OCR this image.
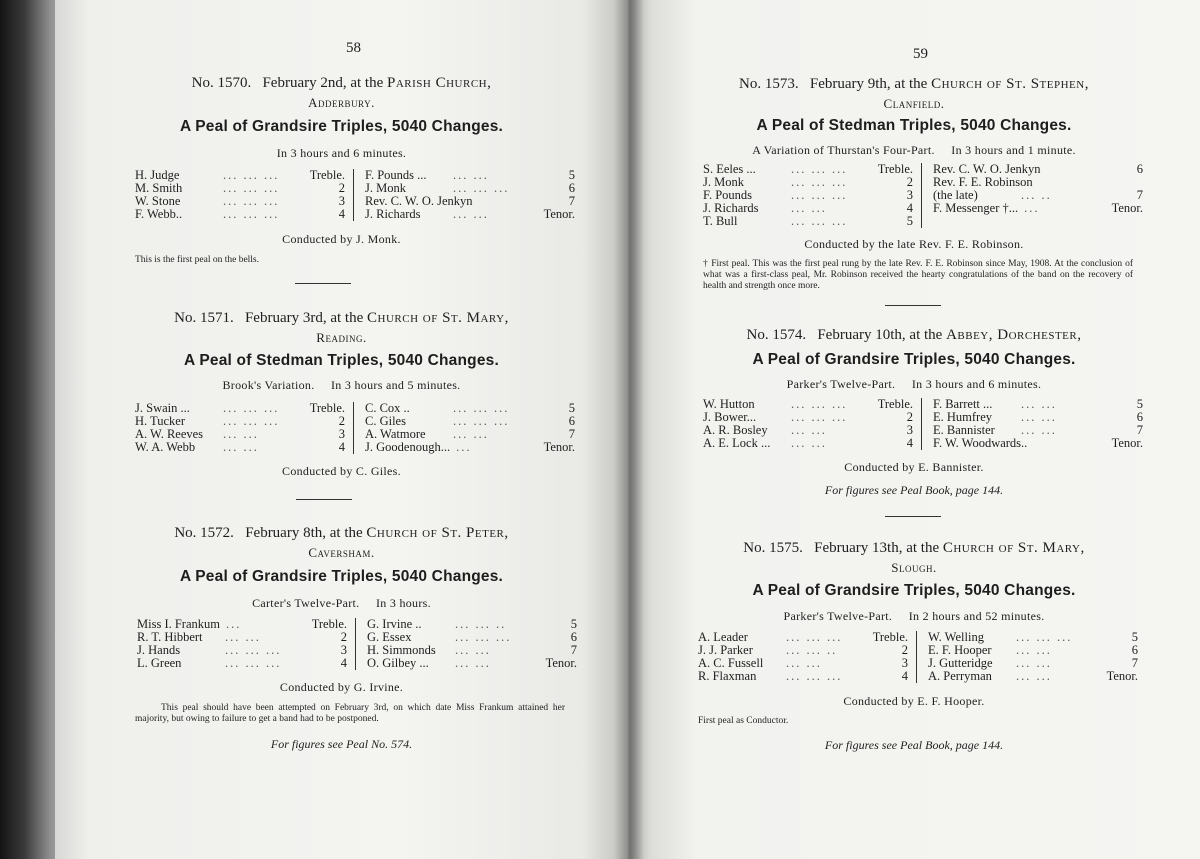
58
No. 1570. February 2nd, at the Parish Church,
Adderbury.
A Peal of Grandsire Triples, 5040 Changes.
In 3 hours and 6 minutes.
H. Judge	... ... ... Treble.
M. Smith	... ... ...	2
W. Stone	... ... ...	3
F. Webb..	... ... ...	4
F. Pounds ... ... ...	5
J. Monk	... ... ...	6
Rev. C. W. O. Jenkyn	7
J. Richards	... ...	Tenor.
Conducted by J. Monk.
This is the first peal on the bells.
No. 1571. February 3rd, at the Church of St. Mary,
Reading.
A Peal of Stedman Triples, 5040 Changes.
Brook's Variation.     In 3 hours and 5 minutes.
J. Swain ...	... ... ... Treble.
H. Tucker	... ... ...	2
A. W. Reeves ... ...	3
W. A. Webb ... ...	4
C. Cox ..	... ... ...	5
C. Giles	... ... ...	6
A. Watmore ... ...	7
J. Goodenough... ...	Tenor.
Conducted by C. Giles.
No. 1572. February 8th, at the Church of St. Peter,
Caversham.
A Peal of Grandsire Triples, 5040 Changes.
Carter's Twelve-Part.     In 3 hours.
Miss I. Frankum ...	Treble.
R. T. Hibbert ... ...	2
J. Hands	... ... ...	3
L. Green	... ... ...	4
G. Irvine ..	... ... ..	5
G. Essex	... ... ...	6
H. Simmonds ... ...	7
O. Gilbey ... ... ...	Tenor.
Conducted by G. Irvine.
This peal should have been attempted on February 3rd, on which date Miss Frankum attained her majority, but owing to failure to get a band had to be postponed.
For figures see Peal No. 574.
59
No. 1573. February 9th, at the Church of St. Stephen,
Clanfield.
A Peal of Stedman Triples, 5040 Changes.
A Variation of Thurstan's Four-Part.     In 3 hours and 1 minute.
S. Eeles ...	... ... ... Treble.
J. Monk	... ... ...	2
F. Pounds	... ... ...	3
J. Richards	... ...	4
T. Bull	... ... ...	5
Rev. C. W. O. Jenkyn	6
Rev. F. E. Robinson
(the late)	... ..	7
F. Messenger †... ...	Tenor.
Conducted by the late Rev. F. E. Robinson.
† First peal. This was the first peal rung by the late Rev. F. E. Robinson since May, 1908. At the conclusion of what was a first-class peal, Mr. Robinson received the hearty congratulations of the band on the recovery of health and strength once more.
No. 1574. February 10th, at the Abbey, Dorchester,
A Peal of Grandsire Triples, 5040 Changes.
Parker's Twelve-Part.     In 3 hours and 6 minutes.
W. Hutton	... ... ... Treble.
J. Bower...	... ... ...	2
A. R. Bosley ... ...	3
A. E. Lock ... ... ...	4
F. Barrett ... ... ...	5
E. Humfrey ... ...	6
E. Bannister ... ...	7
F. W. Woodwards..	Tenor.
Conducted by E. Bannister.
For figures see Peal Book, page 144.
No. 1575. February 13th, at the Church of St. Mary,
Slough.
A Peal of Grandsire Triples, 5040 Changes.
Parker's Twelve-Part.     In 2 hours and 52 minutes.
A. Leader	... ... ... Treble.
J. J. Parker	... ... ..	2
A. C. Fussell ... ...	3
R. Flaxman ... ... ...	4
W. Welling	... ... ...	5
E. F. Hooper ... ...	6
J. Gutteridge ... ...	7
A. Perryman ... ...	Tenor.
Conducted by E. F. Hooper.
First peal as Conductor.
For figures see Peal Book, page 144.
